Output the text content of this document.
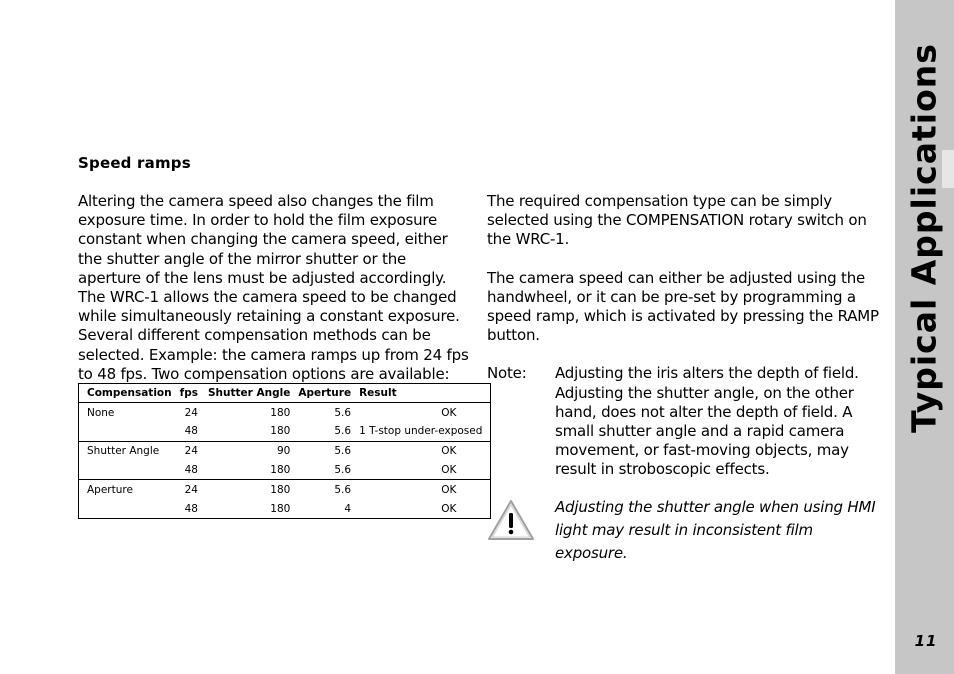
Speed ramps

Altering the camera speed also changes the film exposure time. In order to hold the film exposure constant when changing the camera speed, either the shutter angle of the mirror shutter or the aperture of the lens must be adjusted accordingly. The WRC-1 allows the camera speed to be changed while simultaneously retaining a constant exposure. Several different compensation methods can be selected. Example: the camera ramps up from 24 fps to 48 fps. Two compensation options are available:

Compensation	fps	Shutter Angle	Aperture	Result
None	24	180	5.6	OK
	48	180	5.6	1 T-stop under-exposed
Shutter Angle	24	90	5.6	OK
	48	180	5.6	OK
Aperture	24	180	5.6	OK
	48	180	4	OK

The required compensation type can be simply selected using the COMPENSATION rotary switch on the WRC-1.

The camera speed can either be adjusted using the handwheel, or it can be pre-set by programming a speed ramp, which is activated by pressing the RAMP button.

Note:	Adjusting the iris alters the depth of field. Adjusting the shutter angle, on the other hand, does not alter the depth of field. A small shutter angle and a rapid camera movement, or fast-moving objects, may result in stroboscopic effects.
Adjusting the shutter angle when using HMI light may result in inconsistent film exposure.
Typical Applications
11
